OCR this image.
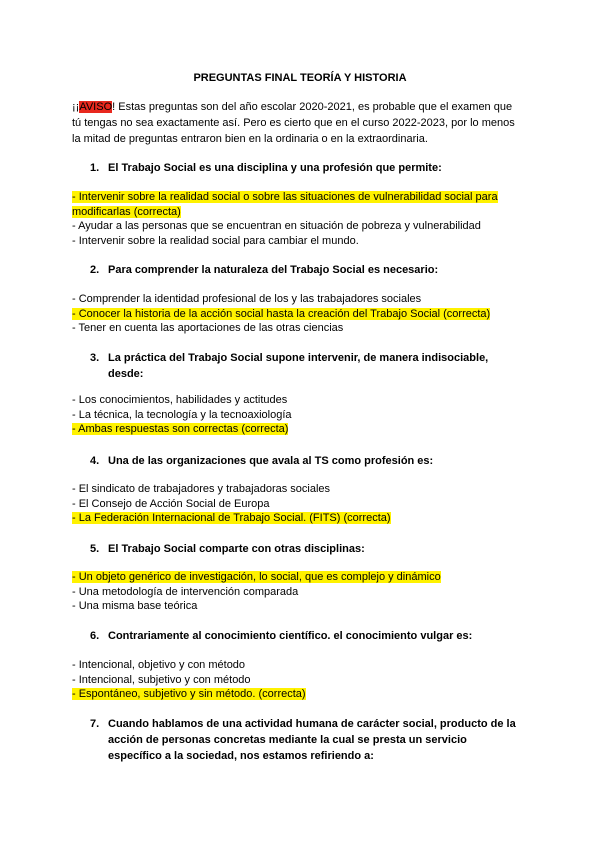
PREGUNTAS FINAL TEORÍA Y HISTORIA

¡¡AVISO! Estas preguntas son del año escolar 2020-2021, es probable que el examen que

tú tengas no sea exactamente así. Pero es cierto que en el curso 2022-2023, por lo menos

la mitad de preguntas entraron bien en la ordinaria o en la extraordinaria.

1. El Trabajo Social es una disciplina y una profesión que permite:

- Intervenir sobre la realidad social o sobre las situaciones de vulnerabilidad social para

modificarlas (correcta)

- Ayudar a las personas que se encuentran en situación de pobreza y vulnerabilidad

- Intervenir sobre la realidad social para cambiar el mundo.

2. Para comprender la naturaleza del Trabajo Social es necesario:

- Comprender la identidad profesional de los y las trabajadores sociales

- Conocer la historia de la acción social hasta la creación del Trabajo Social (correcta)

- Tener en cuenta las aportaciones de las otras ciencias

3. La práctica del Trabajo Social supone intervenir, de manera indisociable,
desde:

- Los conocimientos, habilidades y actitudes

- La técnica, la tecnología y la tecnoaxiología

- Ambas respuestas son correctas (correcta)

4. Una de las organizaciones que avala al TS como profesión es:

- El sindicato de trabajadores y trabajadoras sociales

- El Consejo de Acción Social de Europa

- La Federación Internacional de Trabajo Social. (FITS) (correcta)

5. El Trabajo Social comparte con otras disciplinas:

- Un objeto genérico de investigación, lo social, que es complejo y dinámico

- Una metodología de intervención comparada

- Una misma base teórica

6. Contrariamente al conocimiento científico. el conocimiento vulgar es:

- Intencional, objetivo y con método

- Intencional, subjetivo y con método

- Espontáneo, subjetivo y sin método. (correcta)

7. Cuando hablamos de una actividad humana de carácter social, producto de la
acción de personas concretas mediante la cual se presta un servicio
específico a la sociedad, nos estamos refiriendo a:
